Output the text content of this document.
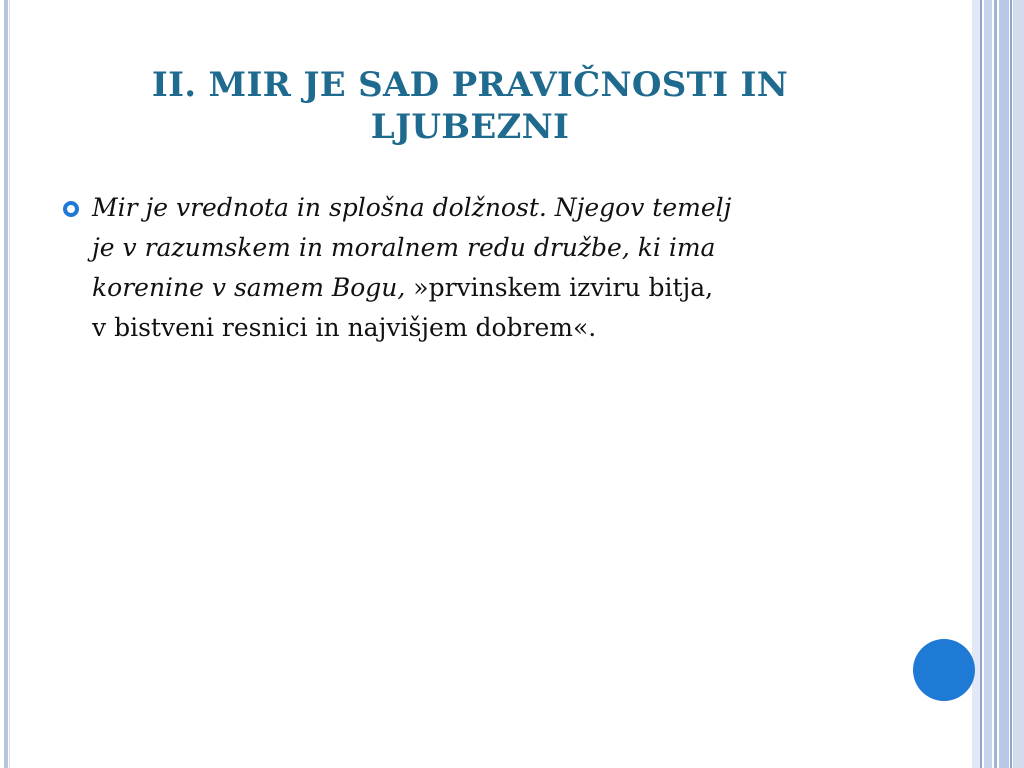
II. MIR JE SAD PRAVIČNOSTI IN
LJUBEZNI
Mir je vrednota in splošna dolžnost. Njegov temelj
je v razumskem in moralnem redu družbe, ki ima
korenine v samem Bogu, »prvinskem izviru bitja,
v bistveni resnici in najvišjem dobrem«.
